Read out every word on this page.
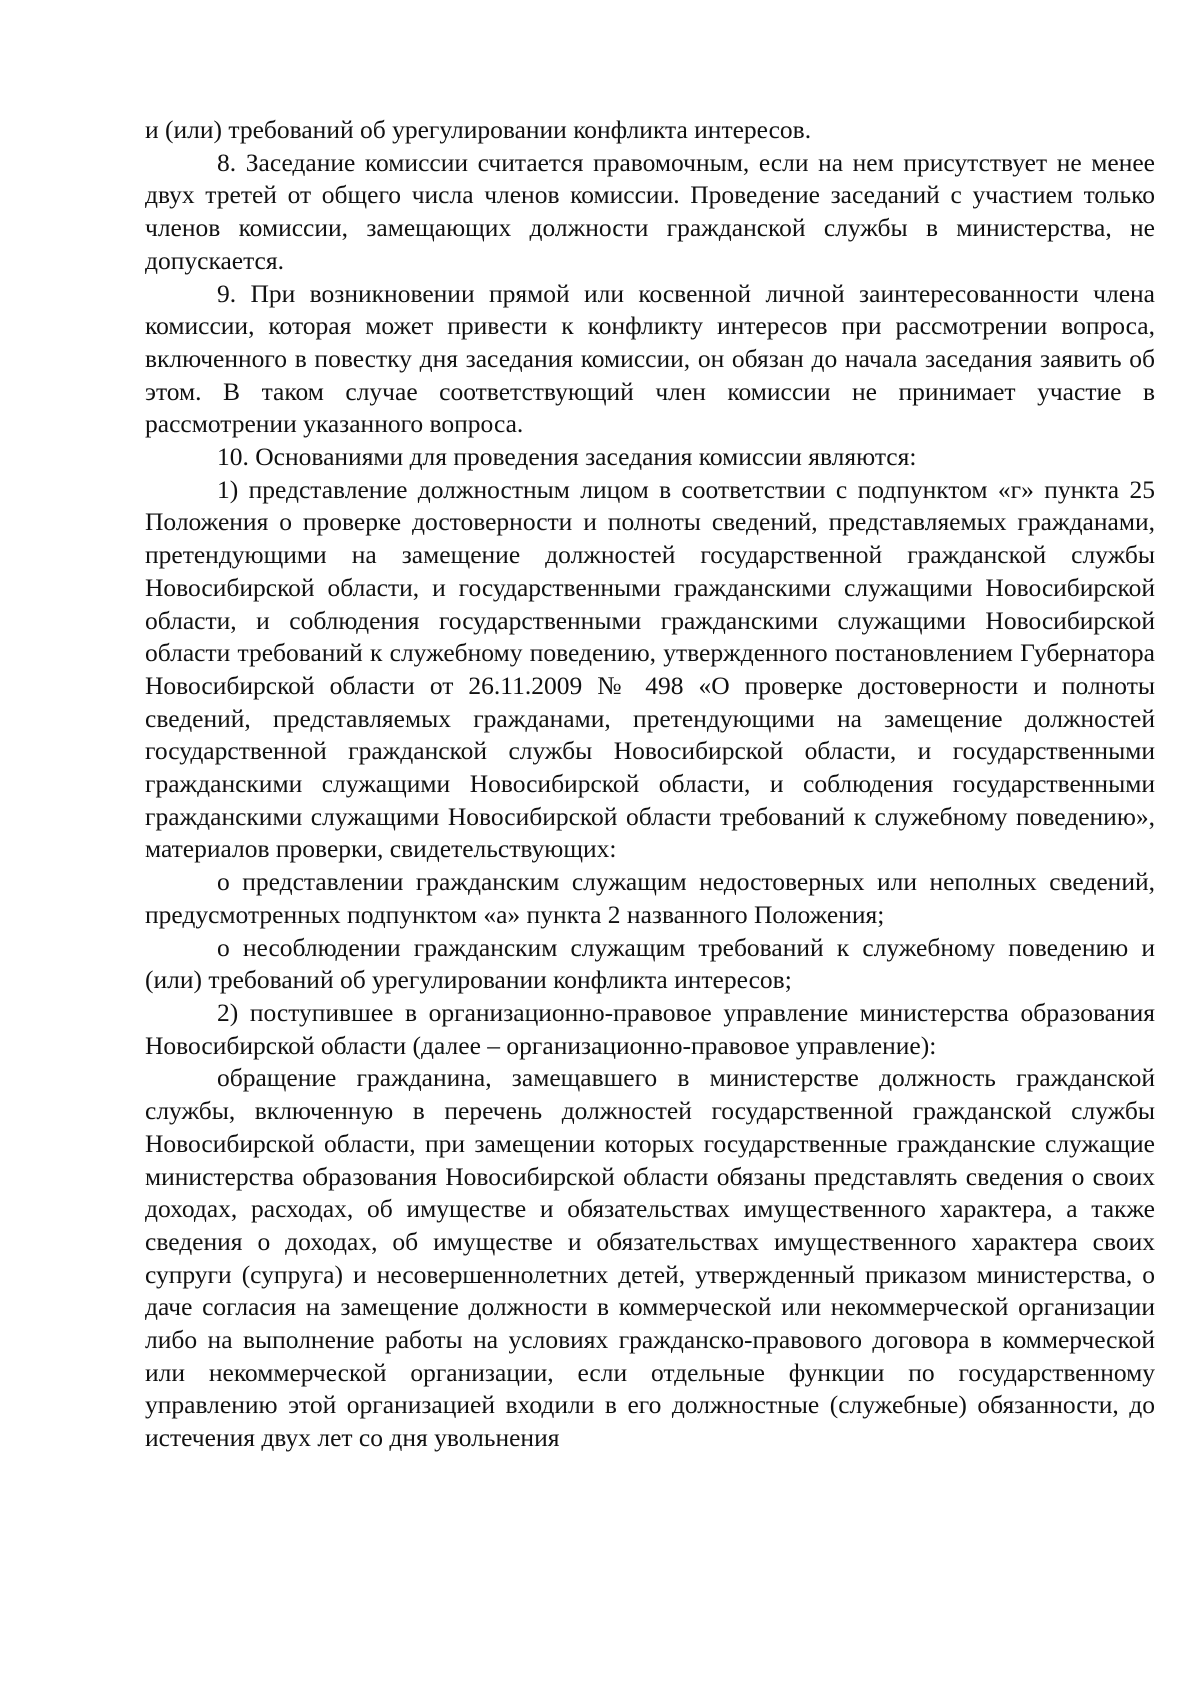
и (или) требований об урегулировании конфликта интересов.

8. Заседание комиссии считается правомочным, если на нем присутствует не менее двух третей от общего числа членов комиссии. Проведение заседаний с участием только членов комиссии, замещающих должности гражданской службы в министерства, не допускается.

9. При возникновении прямой или косвенной личной заинтересованности члена комиссии, которая может привести к конфликту интересов при рассмотрении вопроса, включенного в повестку дня заседания комиссии, он обязан до начала заседания заявить об этом. В таком случае соответствующий член комиссии не принимает участие в рассмотрении указанного вопроса.

10. Основаниями для проведения заседания комиссии являются:

1) представление должностным лицом в соответствии с подпунктом «г» пункта 25 Положения о проверке достоверности и полноты сведений, представляемых гражданами, претендующими на замещение должностей государственной гражданской службы Новосибирской области, и государственными гражданскими служащими Новосибирской области, и соблюдения государственными гражданскими служащими Новосибирской области требований к служебному поведению, утвержденного постановлением Губернатора Новосибирской области от 26.11.2009 № 498 «О проверке достоверности и полноты сведений, представляемых гражданами, претендующими на замещение должностей государственной гражданской службы Новосибирской области, и государственными гражданскими служащими Новосибирской области, и соблюдения государственными гражданскими служащими Новосибирской области требований к служебному поведению», материалов проверки, свидетельствующих:

о представлении гражданским служащим недостоверных или неполных сведений, предусмотренных подпунктом «а» пункта 2 названного Положения;

о несоблюдении гражданским служащим требований к служебному поведению и (или) требований об урегулировании конфликта интересов;

2) поступившее в организационно-правовое управление министерства образования Новосибирской области (далее – организационно-правовое управление):

обращение гражданина, замещавшего в министерстве должность гражданской службы, включенную в перечень должностей государственной гражданской службы Новосибирской области, при замещении которых государственные гражданские служащие министерства образования Новосибирской области обязаны представлять сведения о своих доходах, расходах, об имуществе и обязательствах имущественного характера, а также сведения о доходах, об имуществе и обязательствах имущественного характера своих супруги (супруга) и несовершеннолетних детей, утвержденный приказом министерства, о даче согласия на замещение должности в коммерческой или некоммерческой организации либо на выполнение работы на условиях гражданско-правового договора в коммерческой или некоммерческой организации, если отдельные функции по государственному управлению этой организацией входили в его должностные (служебные) обязанности, до истечения двух лет со дня увольнения
